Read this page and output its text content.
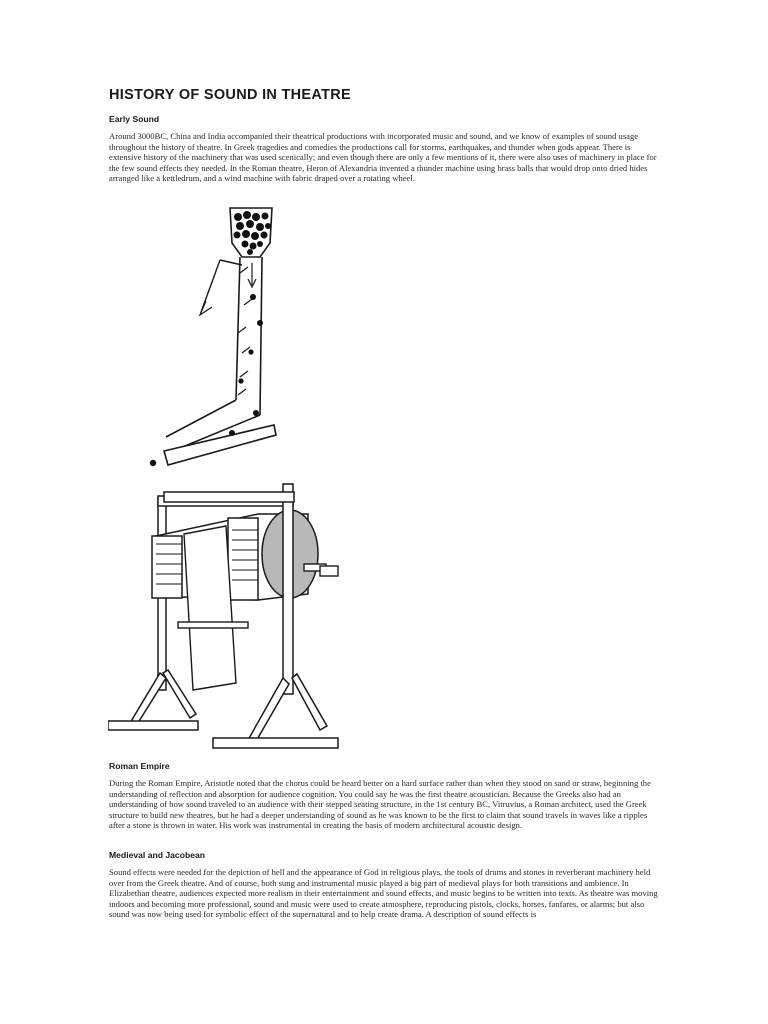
HISTORY OF SOUND IN THEATRE
Early Sound

Around 3000BC, China and India accompanied their theatrical productions with incorporated music and sound, and we know of examples of sound usage throughout the history of theatre. In Greek tragedies and comedies the productions call for storms, earthquakes, and thunder when gods appear. There is extensive history of the machinery that was used scenically; and even though there are only a few mentions of it, there were also uses of machinery in place for the few sound effects they needed. In the Roman theatre, Heron of Alexandria invented a thunder machine using brass balls that would drop onto dried hides arranged like a kettledrum, and a wind machine with fabric draped over a rotating wheel.

Roman Empire

During the Roman Empire, Aristotle noted that the chorus could be heard better on a hard surface rather than when they stood on sand or straw, beginning the understanding of reflection and absorption for audience cognition. You could say he was the first theatre acoustician. Because the Greeks also had an understanding of how sound traveled to an audience with their stepped seating structure, in the 1st century BC, Vitruvius, a Roman architect, used the Greek structure to build new theatres, but he had a deeper understanding of sound as he was known to be the first to claim that sound travels in waves like a ripples after a stone is thrown in water. His work was instrumental in creating the basis of modern architectural acoustic design.

Medieval and Jacobean

Sound effects were needed for the depiction of hell and the appearance of God in religious plays, the tools of drums and stones in reverberant machinery held over from the Greek theatre. And of course, both sung and instrumental music played a big part of medieval plays for both transitions and ambience. In Elizabethan theatre, audiences expected more realism in their entertainment and sound effects, and music begins to be written into texts. As theatre was moving indoors and becoming more professional, sound and music were used to create atmosphere, reproducing pistols, clocks, horses, fanfares, or alarms; but also sound was now being used for symbolic effect of the supernatural and to help create drama. A description of sound effects is
